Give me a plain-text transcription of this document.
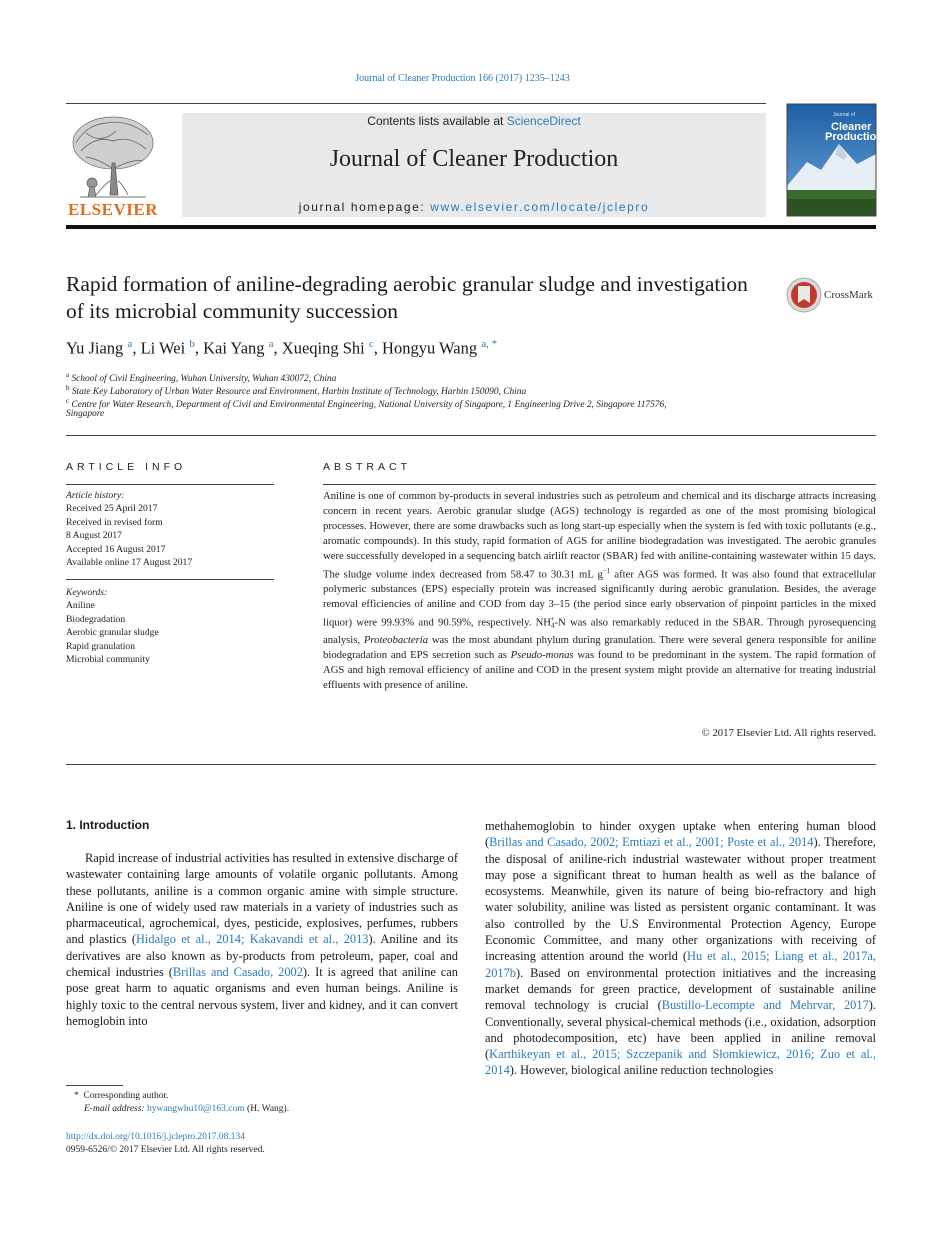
Journal of Cleaner Production 166 (2017) 1235–1243
ELSEVIER
Contents lists available at ScienceDirect
Journal of Cleaner Production
journal homepage: www.elsevier.com/locate/jclepro
Journal of
Cleaner
Production
Rapid formation of aniline-degrading aerobic granular sludge and investigation of its microbial community succession
CrossMark
Yu Jiang $^a$, Li Wei $^b$, Kai Yang $^a$, Xueqing Shi $^c$, Hongyu Wang $^{a, *}$
$^a$ School of Civil Engineering, Wuhan University, Wuhan 430072, China
$^b$ State Key Laboratory of Urban Water Resource and Environment, Harbin Institute of Technology, Harbin 150090, China
$^c$ Centre for Water Research, Department of Civil and Environmental Engineering, National University of Singapore, 1 Engineering Drive 2, Singapore 117576,
Singapore
ARTICLE INFO
Article history:
Received 25 April 2017
Received in revised form
8 August 2017
Accepted 16 August 2017
Available online 17 August 2017
Keywords:
Aniline
Biodegradation
Aerobic granular sludge
Rapid granulation
Microbial community
ABSTRACT
Aniline is one of common by-products in several industries such as petroleum and chemical and its discharge attracts increasing concern in recent years. Aerobic granular sludge (AGS) technology is regarded as one of the most promising biological processes. However, there are some drawbacks such as long start-up especially when the system is fed with toxic pollutants (e.g., aromatic compounds). In this study, rapid formation of AGS for aniline biodegradation was investigated. The aerobic granules were successfully developed in a sequencing batch airlift reactor (SBAR) fed with aniline-containing wastewater within 15 days. The sludge volume index decreased from 58.47 to 30.31 mL $g^{-1}$ after AGS was formed. It was also found that extracellular polymeric substances (EPS) especially protein was increased significantly during aerobic granulation. Besides, the average removal efficiencies of aniline and COD from day 3–15 (the period since early observation of pinpoint particles in the mixed liquor) were 99.93% and 90.59%, respectively. NH4+-N was also remarkably reduced in the SBAR. Through pyrosequencing analysis, Proteobacteria was the most abundant phylum during granulation. There were several genera responsible for aniline biodegradation and EPS secretion such as Pseudo-monas was found to be predominant in the system. The rapid formation of AGS and high removal efficiency of aniline and COD in the present system might provide an alternative for treating industrial effluents with presence of aniline.
© 2017 Elsevier Ltd. All rights reserved.
1. Introduction

Rapid increase of industrial activities has resulted in extensive discharge of wastewater containing large amounts of volatile organic pollutants. Among these pollutants, aniline is a common organic amine with simple structure. Aniline is one of widely used raw materials in a variety of industries such as pharmaceutical, agrochemical, dyes, pesticide, explosives, perfumes, rubbers and plastics (Hidalgo et al., 2014; Kakavandi et al., 2013). Aniline and its derivatives are also known as by-products from petroleum, paper, coal and chemical industries (Brillas and Casado, 2002). It is agreed that aniline can pose great harm to aquatic organisms and even human beings. Aniline is highly toxic to the central nervous system, liver and kidney, and it can convert hemoglobin into

methahemoglobin to hinder oxygen uptake when entering human blood (Brillas and Casado, 2002; Emtiazi et al., 2001; Poste et al., 2014). Therefore, the disposal of aniline-rich industrial wastewater without proper treatment may pose a significant threat to human health as well as the balance of ecosystems. Meanwhile, given its nature of being bio-refractory and high water solubility, aniline was listed as persistent organic contaminant. It was also controlled by the U.S Environmental Protection Agency, Europe Economic Committee, and many other organizations with receiving of increasing attention around the world (Hu et al., 2015; Liang et al., 2017a, 2017b). Based on environmental protection initiatives and the increasing market demands for green practice, development of sustainable aniline removal technology is crucial (Bustillo-Lecompte and Mehrvar, 2017). Conventionally, several physical-chemical methods (i.e., oxidation, adsorption and photodecomposition, etc) have been applied in aniline removal (Karthikeyan et al., 2015; Szczepanik and Słomkiewicz, 2016; Zuo et al., 2014). However, biological aniline reduction technologies

* Corresponding author.
E-mail address: hywangwhu10@163.com (H. Wang).
http://dx.doi.org/10.1016/j.jclepro.2017.08.134
0959-6526/© 2017 Elsevier Ltd. All rights reserved.
